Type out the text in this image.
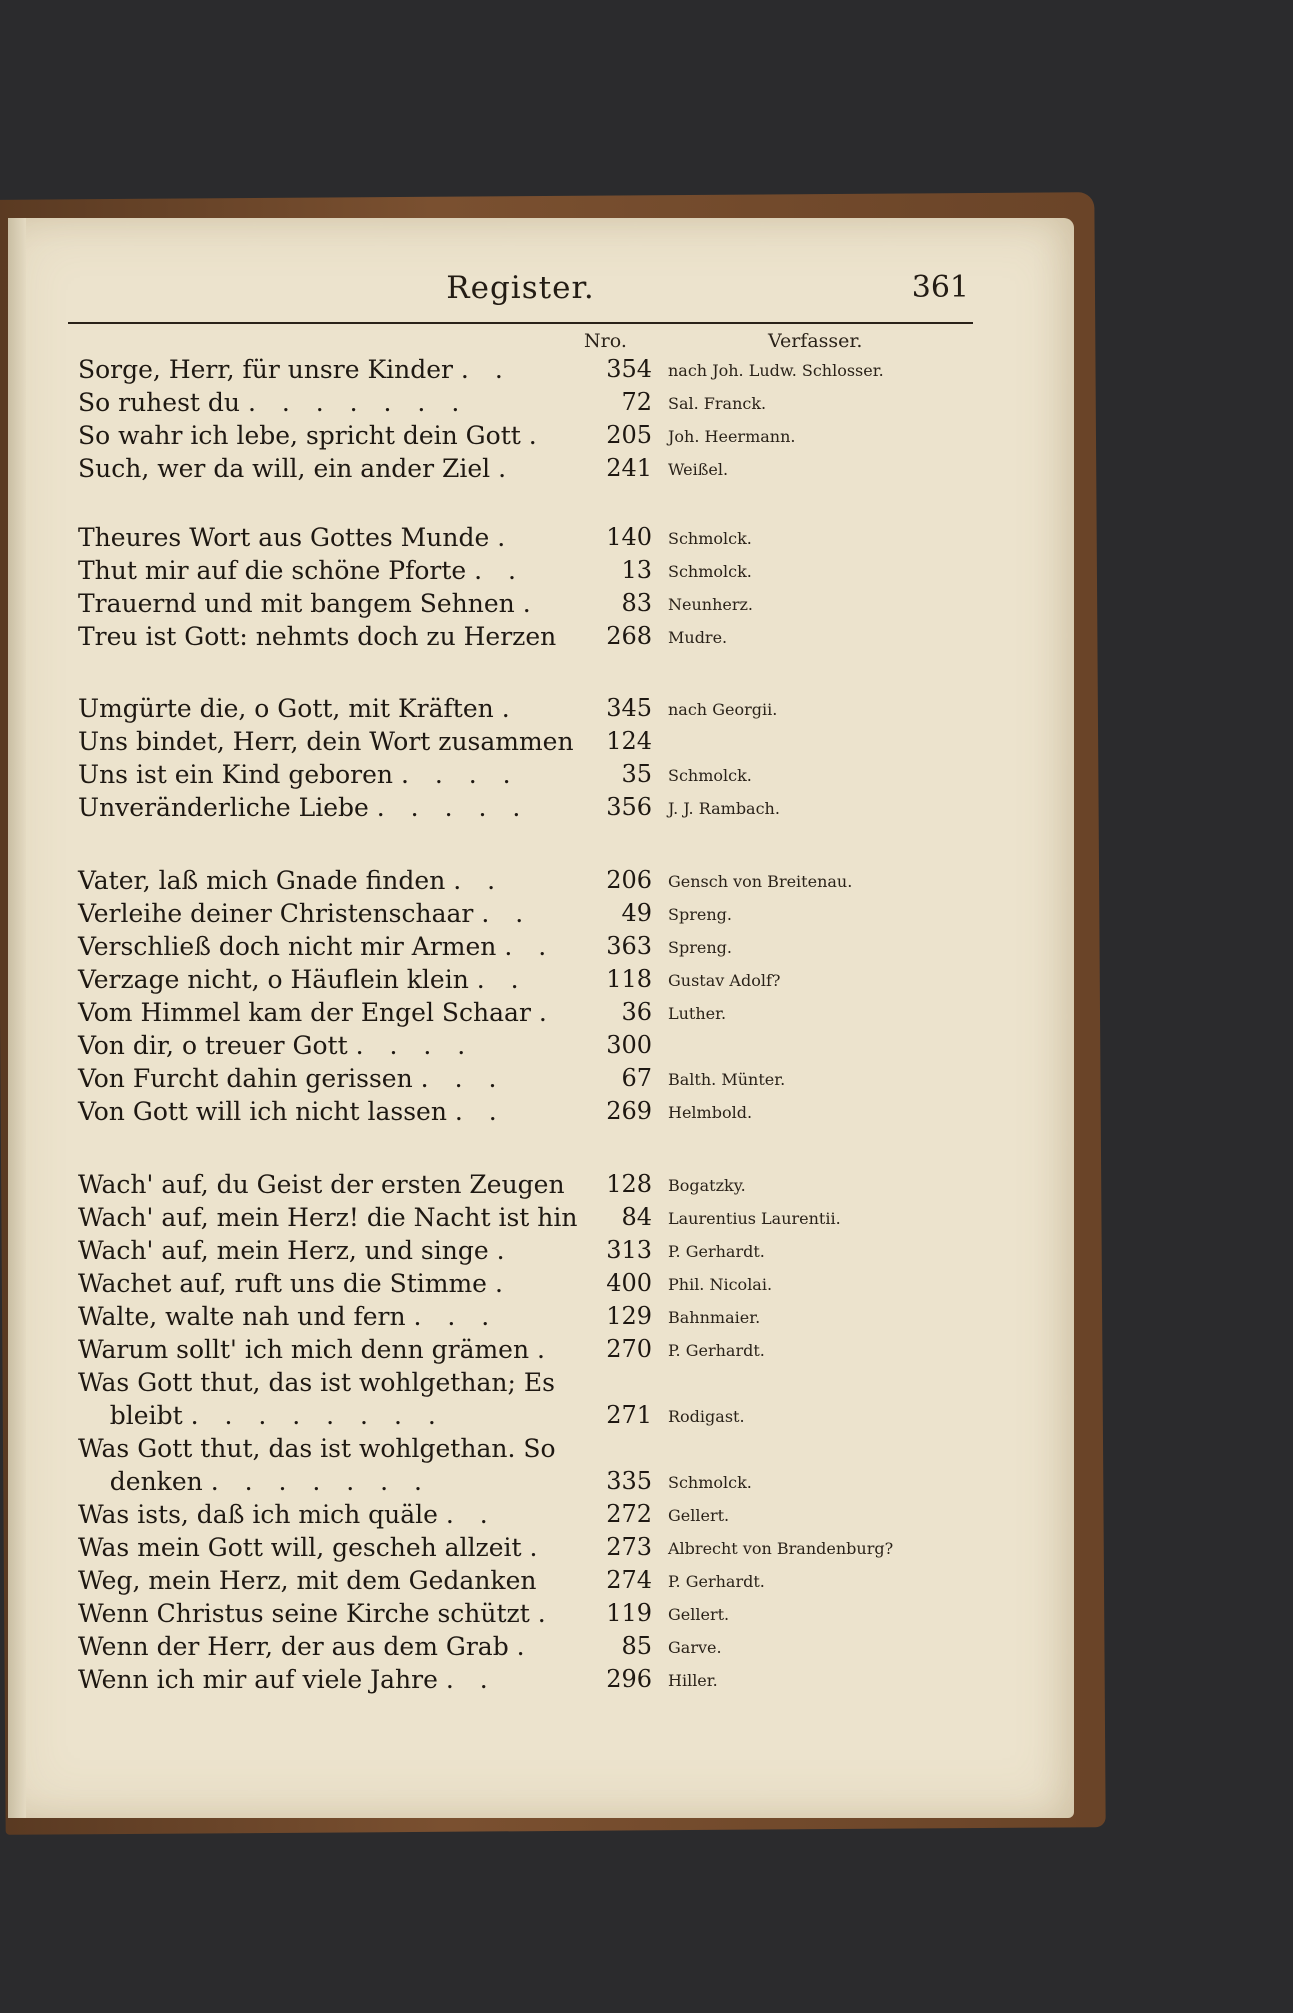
Register.	361
Nro.	Verfasser.
Sorge, Herr, für unsre Kinder . .	354 nach Joh. Ludw. Schlosser.
So ruhest du . . . . . . .	72 Sal. Franck.
So wahr ich lebe, spricht dein Gott .	205 Joh. Heermann.
Such, wer da will, ein ander Ziel .	241 Weißel.
Theures Wort aus Gottes Munde .	140 Schmolck.
Thut mir auf die schöne Pforte . .	13 Schmolck.
Trauernd und mit bangem Sehnen .	83 Neunherz.
Treu ist Gott: nehmts doch zu Herzen	268 Mudre.
Umgürte die, o Gott, mit Kräften .	345 nach Georgii.
Uns bindet, Herr, dein Wort zusammen	124
Uns ist ein Kind geboren . . . .	35 Schmolck.
Unveränderliche Liebe . . . . .	356 J. J. Rambach.
Vater, laß mich Gnade finden . .	206 Gensch von Breitenau.
Verleihe deiner Christenschaar . .	49 Spreng.
Verschließ doch nicht mir Armen . .	363 Spreng.
Verzage nicht, o Häuflein klein . .	118 Gustav Adolf?
Vom Himmel kam der Engel Schaar .	36 Luther.
Von dir, o treuer Gott . . . .	300
Von Furcht dahin gerissen . . .	67 Balth. Münter.
Von Gott will ich nicht lassen . .	269 Helmbold.
Wach' auf, du Geist der ersten Zeugen	128 Bogatzky.
Wach' auf, mein Herz! die Nacht ist hin	84 Laurentius Laurentii.
Wach' auf, mein Herz, und singe .	313 P. Gerhardt.
Wachet auf, ruft uns die Stimme .	400 Phil. Nicolai.
Walte, walte nah und fern . . .	129 Bahnmaier.
Warum sollt' ich mich denn grämen .	270 P. Gerhardt.
Was Gott thut, das ist wohlgethan; Es
bleibt . . . . . . . .	271 Rodigast.
Was Gott thut, das ist wohlgethan. So
denken . . . . . . .	335 Schmolck.
Was ists, daß ich mich quäle . .	272 Gellert.
Was mein Gott will, gescheh allzeit .	273 Albrecht von Brandenburg?
Weg, mein Herz, mit dem Gedanken	274 P. Gerhardt.
Wenn Christus seine Kirche schützt .	119 Gellert.
Wenn der Herr, der aus dem Grab .	85 Garve.
Wenn ich mir auf viele Jahre . .	296 Hiller.
